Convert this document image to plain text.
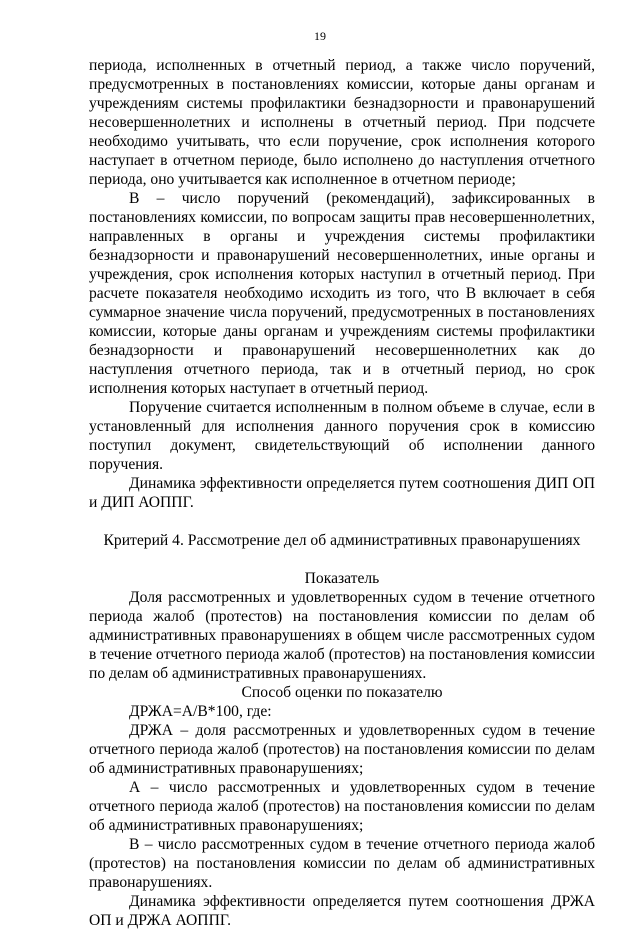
19

периода, исполненных в отчетный период, а также число поручений, предусмотренных в постановлениях комиссии, которые даны органам и учреждениям системы профилактики безнадзорности и правонарушений несовершеннолетних и исполнены в отчетный период. При подсчете необходимо учитывать, что если поручение, срок исполнения которого наступает в отчетном периоде, было исполнено до наступления отчетного периода, оно учитывается как исполненное в отчетном периоде;

В – число поручений (рекомендаций), зафиксированных в постановлениях комиссии, по вопросам защиты прав несовершеннолетних, направленных в органы и учреждения системы профилактики безнадзорности и правонарушений несовершеннолетних, иные органы и учреждения, срок исполнения которых наступил в отчетный период. При расчете показателя необходимо исходить из того, что В включает в себя суммарное значение числа поручений, предусмотренных в постановлениях комиссии, которые даны органам и учреждениям системы профилактики безнадзорности и правонарушений несовершеннолетних как до наступления отчетного периода, так и в отчетный период, но срок исполнения которых наступает в отчетный период.

Поручение считается исполненным в полном объеме в случае, если в установленный для исполнения данного поручения срок в комиссию поступил документ, свидетельствующий об исполнении данного поручения.

Динамика эффективности определяется путем соотношения ДИП ОП и ДИП АОППГ.

Критерий 4. Рассмотрение дел об административных правонарушениях

Показатель

Доля рассмотренных и удовлетворенных судом в течение отчетного периода жалоб (протестов) на постановления комиссии по делам об административных правонарушениях в общем числе рассмотренных судом в течение отчетного периода жалоб (протестов) на постановления комиссии по делам об административных правонарушениях.

Способ оценки по показателю

ДРЖА=А/В*100, где:

ДРЖА – доля рассмотренных и удовлетворенных судом в течение отчетного периода жалоб (протестов) на постановления комиссии по делам об административных правонарушениях;

А – число рассмотренных и удовлетворенных судом в течение отчетного периода жалоб (протестов) на постановления комиссии по делам об административных правонарушениях;

В – число рассмотренных судом в течение отчетного периода жалоб (протестов) на постановления комиссии по делам об административных правонарушениях.

Динамика эффективности определяется путем соотношения ДРЖА ОП и ДРЖА АОППГ.
